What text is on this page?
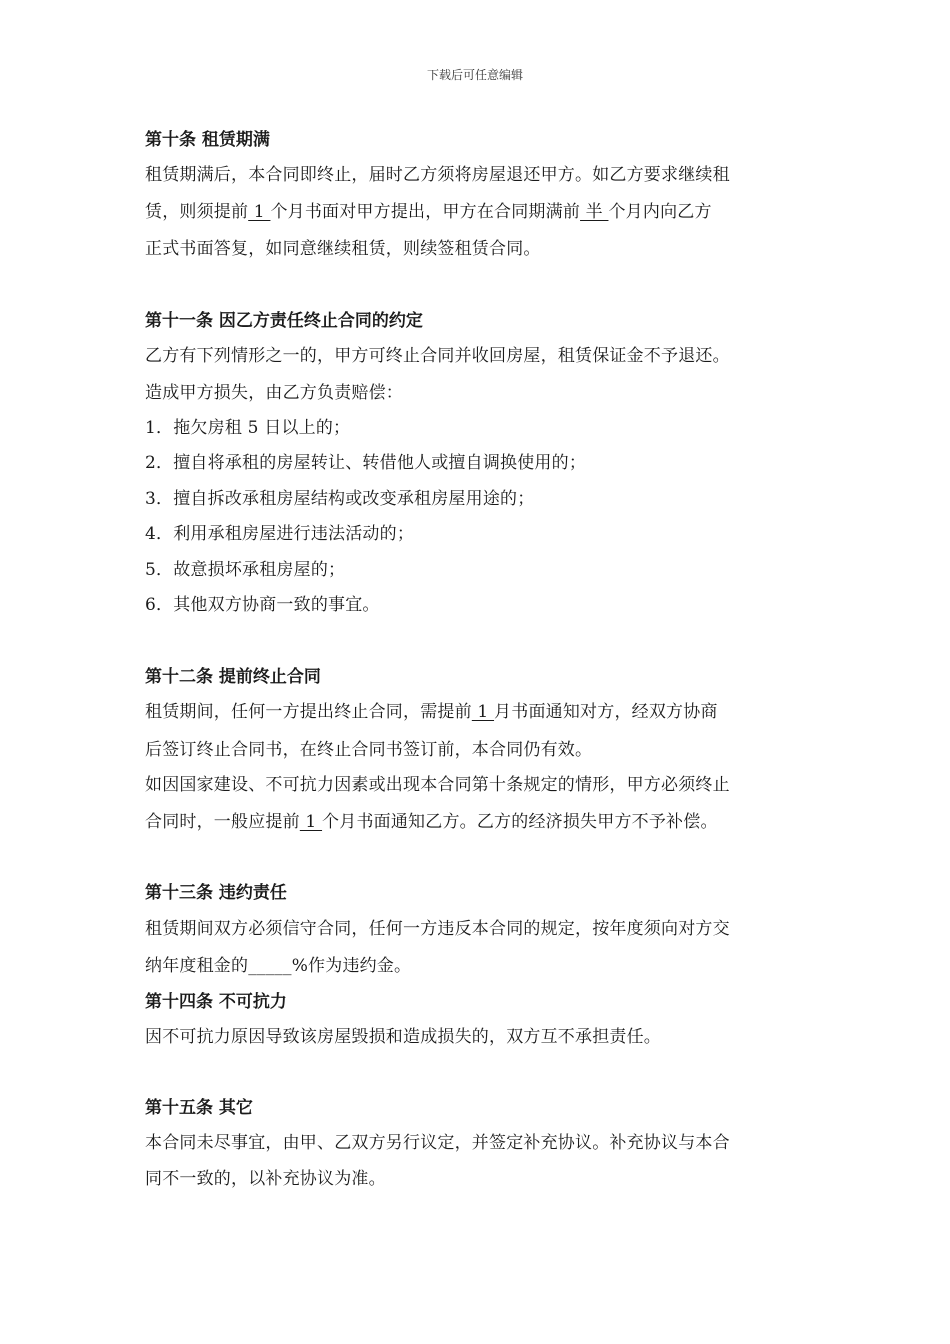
下载后可任意编辑
第十条 租赁期满
租赁期满后，本合同即终止，届时乙方须将房屋退还甲方。如乙方要求继续租
赁，则须提前 1 个月书面对甲方提出，甲方在合同期满前 半 个月内向乙方
正式书面答复，如同意继续租赁，则续签租赁合同。
第十一条 因乙方责任终止合同的约定
乙方有下列情形之一的，甲方可终止合同并收回房屋，租赁保证金不予退还。
造成甲方损失，由乙方负责赔偿：
1．拖欠房租 5 日以上的；
2．擅自将承租的房屋转让、转借他人或擅自调换使用的；
3．擅自拆改承租房屋结构或改变承租房屋用途的；
4．利用承租房屋进行违法活动的；
5．故意损坏承租房屋的；
6．其他双方协商一致的事宜。
第十二条 提前终止合同
租赁期间，任何一方提出终止合同，需提前 1 月书面通知对方，经双方协商
后签订终止合同书，在终止合同书签订前，本合同仍有效。
如因国家建设、不可抗力因素或出现本合同第十条规定的情形，甲方必须终止
合同时，一般应提前 1 个月书面通知乙方。乙方的经济损失甲方不予补偿。
第十三条 违约责任
租赁期间双方必须信守合同，任何一方违反本合同的规定，按年度须向对方交
纳年度租金的_____%作为违约金。
第十四条 不可抗力
因不可抗力原因导致该房屋毁损和造成损失的，双方互不承担责任。
第十五条 其它
本合同未尽事宜，由甲、乙双方另行议定，并签定补充协议。补充协议与本合
同不一致的，以补充协议为准。
